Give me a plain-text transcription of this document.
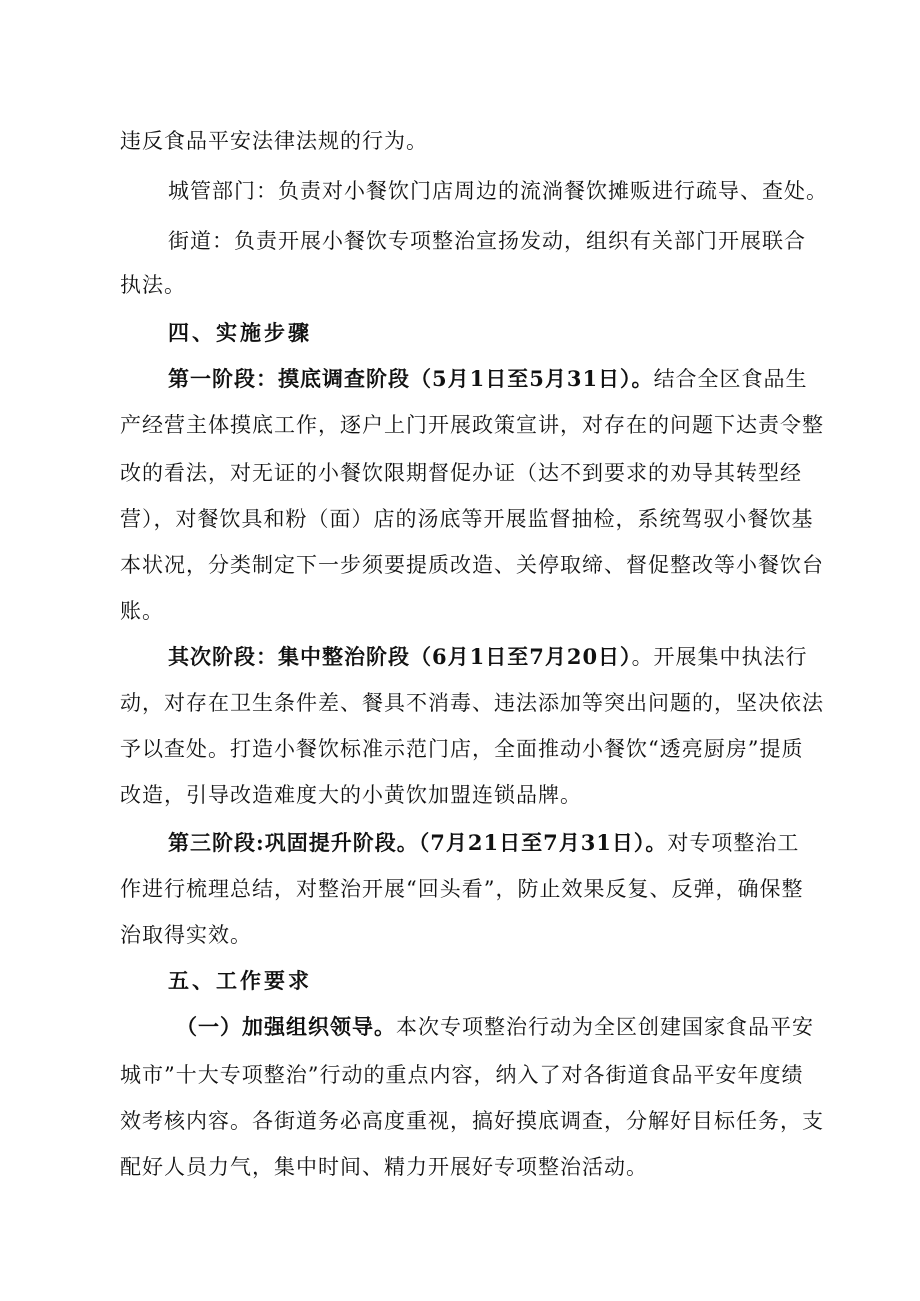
违反食品平安法律法规的行为。
城管部门：负责对小餐饮门店周边的流淌餐饮摊贩进行疏导、查处。
街道：负责开展小餐饮专项整治宣扬发动，组织有关部门开展联合
执法。
四、实施步骤
第一阶段：摸底调查阶段（5月1日至5月31日）。结合全区食品生
产经营主体摸底工作，逐户上门开展政策宣讲，对存在的问题下达责令整
改的看法，对无证的小餐饮限期督促办证（达不到要求的劝导其转型经
营），对餐饮具和粉（面）店的汤底等开展监督抽检，系统驾驭小餐饮基
本状况，分类制定下一步须要提质改造、关停取缔、督促整改等小餐饮台
账。
其次阶段：集中整治阶段（6月1日至7月20日）。开展集中执法行
动，对存在卫生条件差、餐具不消毒、违法添加等突出问题的，坚决依法
予以查处。打造小餐饮标准示范门店，全面推动小餐饮“透亮厨房”提质
改造，引导改造难度大的小黄饮加盟连锁品牌。
第三阶段:巩固提升阶段。（7月21日至7月31日）。对专项整治工
作进行梳理总结，对整治开展“回头看”，防止效果反复、反弹，确保整
治取得实效。
五、工作要求
（一）加强组织领导。本次专项整治行动为全区创建国家食品平安
城市”十大专项整治”行动的重点内容，纳入了对各街道食品平安年度绩
效考核内容。各街道务必高度重视，搞好摸底调查，分解好目标任务，支
配好人员力气，集中时间、精力开展好专项整治活动。
